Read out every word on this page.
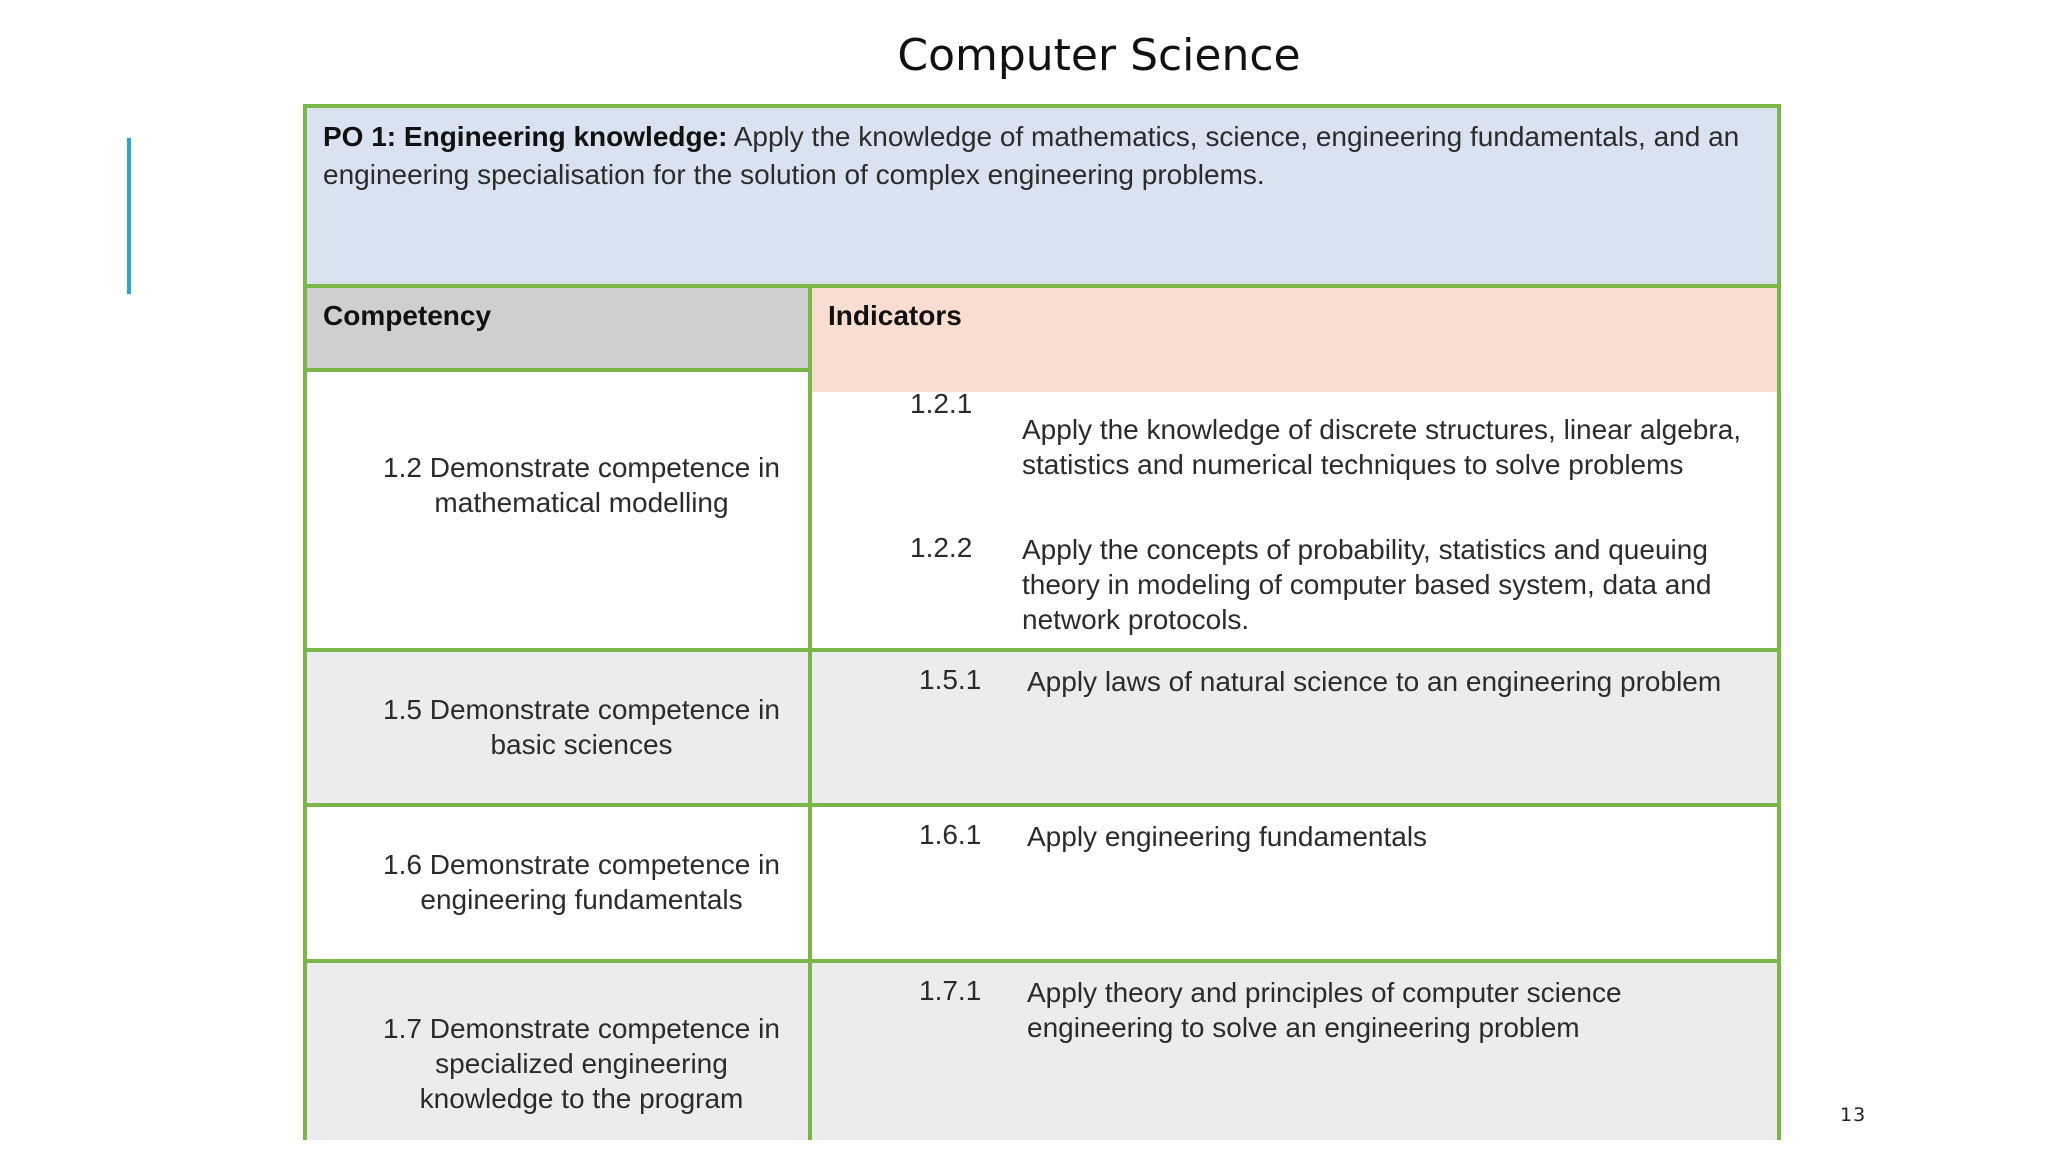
Computer Science
PO 1: Engineering knowledge: Apply the knowledge of mathematics, science, engineering fundamentals, and an engineering specialisation for the solution of complex engineering problems.
Competency	Indicators
1.2 Demonstrate competence in mathematical modelling
1.2.1
Apply the knowledge of discrete structures, linear algebra, statistics and numerical techniques to solve problems
1.2.2 Apply the concepts of probability, statistics and queuing theory in modeling of computer based system, data and network protocols.
1.5 Demonstrate competence in basic sciences
1.5.1 Apply laws of natural science to an engineering problem
1.6 Demonstrate competence in engineering fundamentals
1.6.1 Apply engineering fundamentals
1.7 Demonstrate competence in specialized engineering knowledge to the program
1.7.1 Apply theory and principles of computer science engineering to solve an engineering problem
13
